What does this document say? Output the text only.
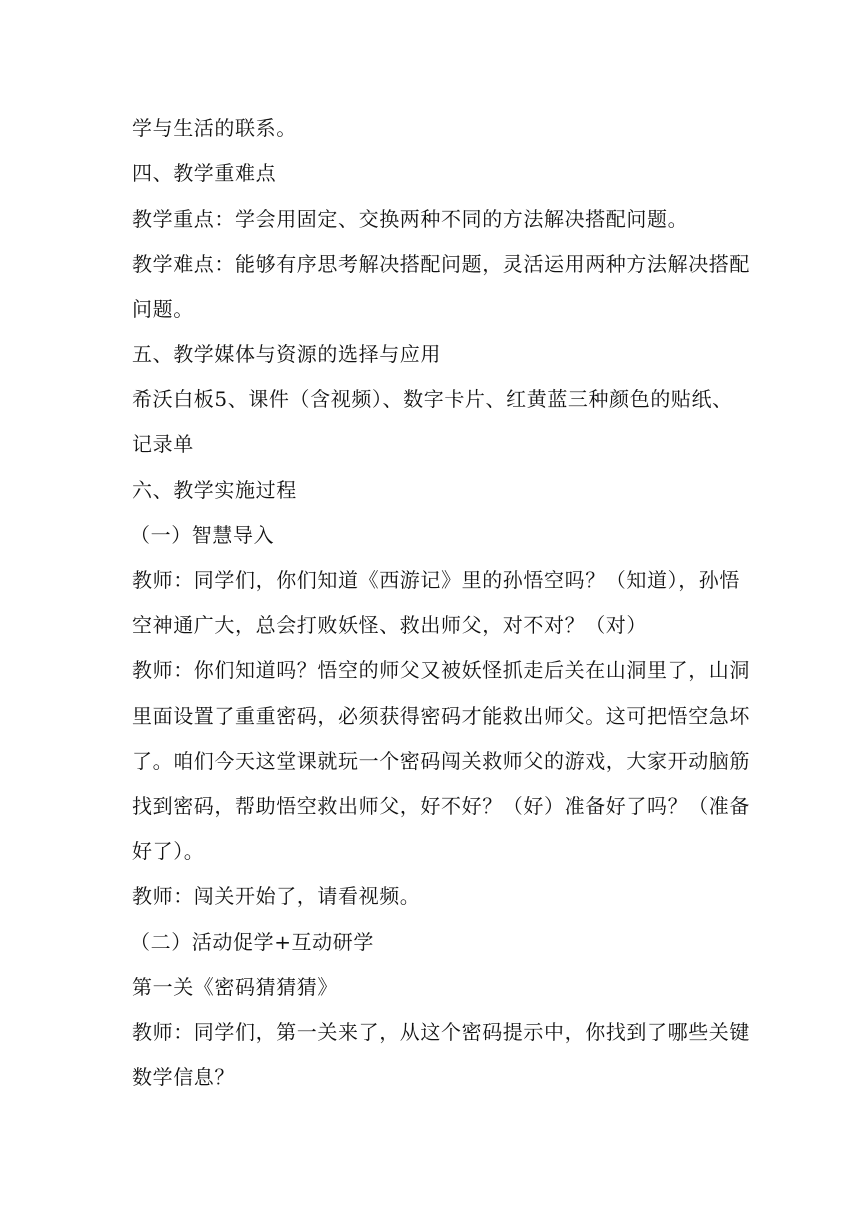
学与生活的联系。
四、教学重难点
教学重点：学会用固定、交换两种不同的方法解决搭配问题。
教学难点：能够有序思考解决搭配问题，灵活运用两种方法解决搭配
问题。
五、教学媒体与资源的选择与应用
希沃白板5、课件（含视频）、数字卡片、红黄蓝三种颜色的贴纸、
记录单
六、教学实施过程
（一）智慧导入
教师：同学们，你们知道《西游记》里的孙悟空吗？（知道），孙悟
空神通广大，总会打败妖怪、救出师父，对不对？（对）
教师：你们知道吗？悟空的师父又被妖怪抓走后关在山洞里了，山洞
里面设置了重重密码，必须获得密码才能救出师父。这可把悟空急坏
了。咱们今天这堂课就玩一个密码闯关救师父的游戏，大家开动脑筋
找到密码，帮助悟空救出师父，好不好？（好）准备好了吗？（准备
好了）。
教师：闯关开始了，请看视频。
（二）活动促学+互动研学
第一关《密码猜猜猜》
教师：同学们，第一关来了，从这个密码提示中，你找到了哪些关键
数学信息？
